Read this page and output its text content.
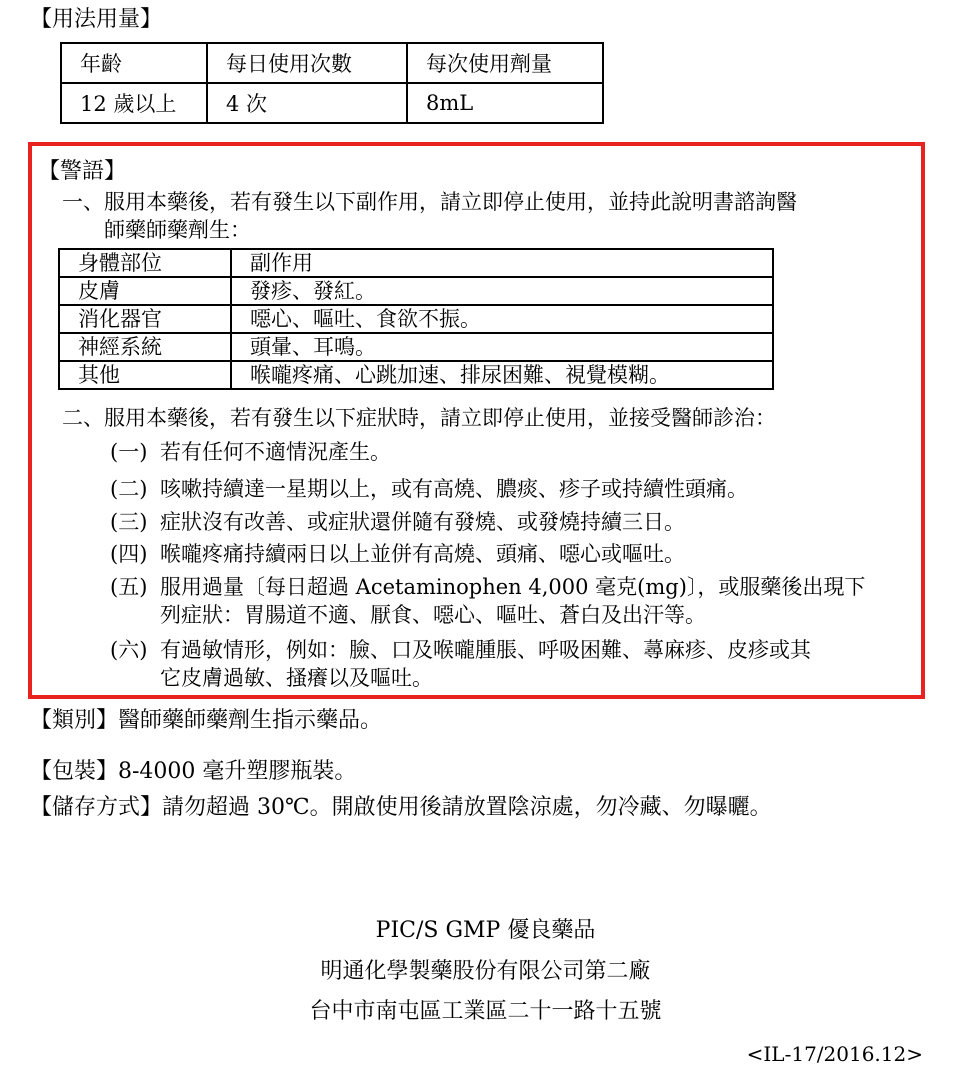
【用法用量】
年齡	每日使用次數	每次使用劑量
12 歲以上	4 次	8mL
【警語】
一、服用本藥後，若有發生以下副作用，請立即停止使用，並持此說明書諮詢醫
師藥師藥劑生：
身體部位	副作用
皮膚	發疹、發紅。
消化器官	噁心、嘔吐、食欲不振。
神經系統	頭暈、耳鳴。
其他	喉嚨疼痛、心跳加速、排尿困難、視覺模糊。
二、服用本藥後，若有發生以下症狀時，請立即停止使用，並接受醫師診治：
(一) 若有任何不適情況產生。
(二) 咳嗽持續達一星期以上，或有高燒、膿痰、疹子或持續性頭痛。
(三) 症狀沒有改善、或症狀還併隨有發燒、或發燒持續三日。
(四) 喉嚨疼痛持續兩日以上並併有高燒、頭痛、噁心或嘔吐。
(五) 服用過量〔每日超過 Acetaminophen 4,000 毫克(mg)〕，或服藥後出現下
列症狀：胃腸道不適、厭食、噁心、嘔吐、蒼白及出汗等。
(六) 有過敏情形，例如：臉、口及喉嚨腫脹、呼吸困難、蕁麻疹、皮疹或其
它皮膚過敏、搔癢以及嘔吐。
【類別】醫師藥師藥劑生指示藥品。
【包裝】8-4000 毫升塑膠瓶裝。
【儲存方式】請勿超過 30℃。開啟使用後請放置陰涼處，勿冷藏、勿曝曬。
PIC/S GMP 優良藥品
明通化學製藥股份有限公司第二廠
台中市南屯區工業區二十一路十五號
<IL-17/2016.12>
